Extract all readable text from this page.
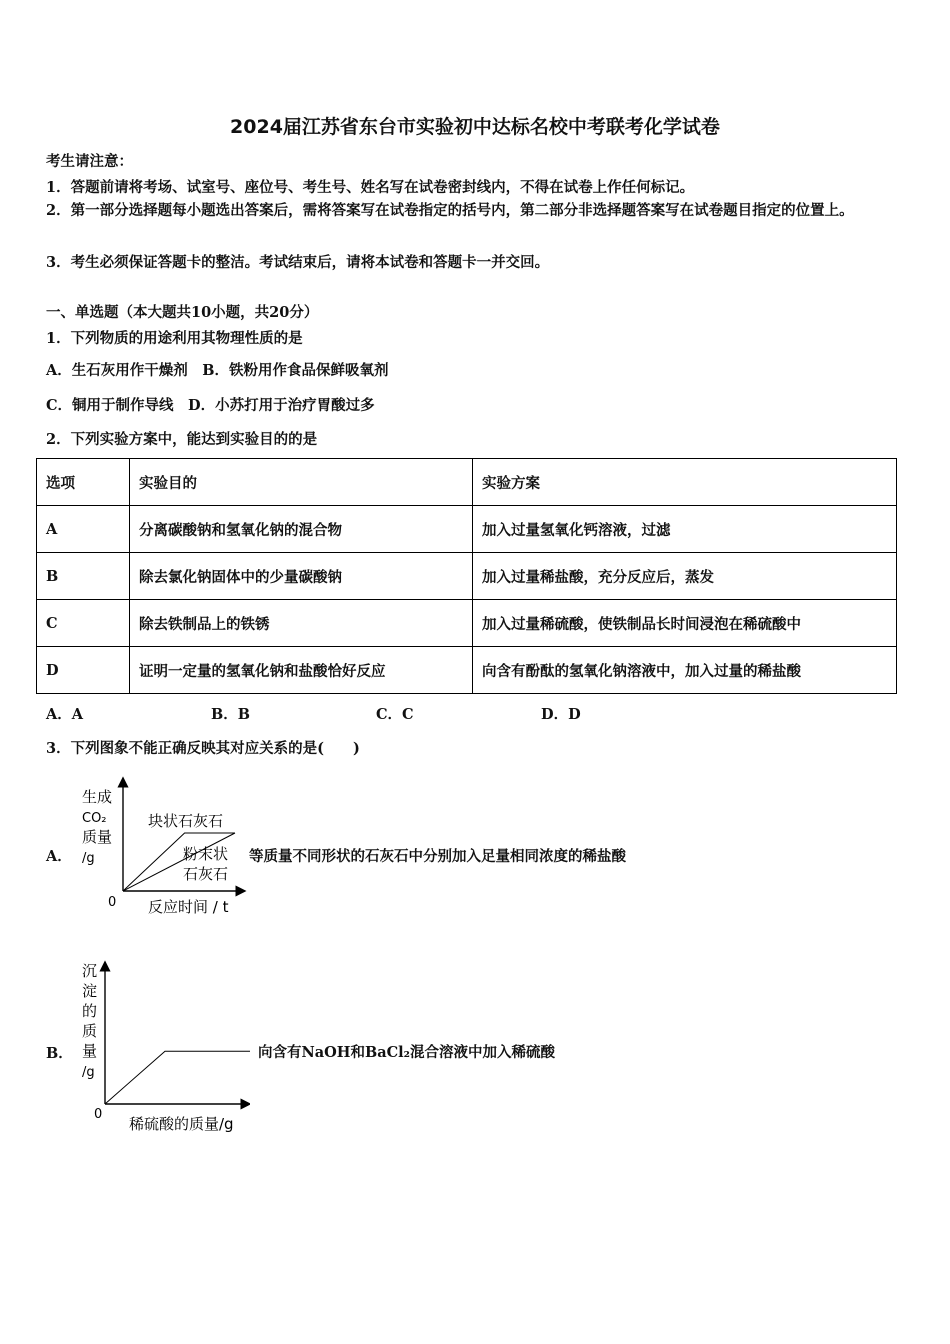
2024届江苏省东台市实验初中达标名校中考联考化学试卷
考生请注意：
1．答题前请将考场、试室号、座位号、考生号、姓名写在试卷密封线内，不得在试卷上作任何标记。
2．第一部分选择题每小题选出答案后，需将答案写在试卷指定的括号内，第二部分非选择题答案写在试卷题目指定的位置上。
3．考生必须保证答题卡的整洁。考试结束后，请将本试卷和答题卡一并交回。
一、单选题（本大题共10小题，共20分）
1．下列物质的用途利用其物理性质的是
A．生石灰用作干燥剂　B．铁粉用作食品保鲜吸氧剂
C．铜用于制作导线　D．小苏打用于治疗胃酸过多
2．下列实验方案中，能达到实验目的的是
选项	实验目的	实验方案
A	分离碳酸钠和氢氧化钠的混合物	加入过量氢氧化钙溶液，过滤
B	除去氯化钠固体中的少量碳酸钠	加入过量稀盐酸，充分反应后，蒸发
C	除去铁制品上的铁锈	加入过量稀硫酸，使铁制品长时间浸泡在稀硫酸中
D	证明一定量的氢氧化钠和盐酸恰好反应	向含有酚酞的氢氧化钠溶液中，加入过量的稀盐酸
A．A	B．B	C．C	D．D
3．下列图象不能正确反映其对应关系的是(　　)
A．
生成
CO₂
质量
/g
块状石灰石
粉末状
石灰石
0 反应时间 / t
等质量不同形状的石灰石中分别加入足量相同浓度的稀盐酸
B．
沉
淀
的
质
量
/g
0
稀硫酸的质量/g
向含有NaOH和BaCl₂混合溶液中加入稀硫酸
